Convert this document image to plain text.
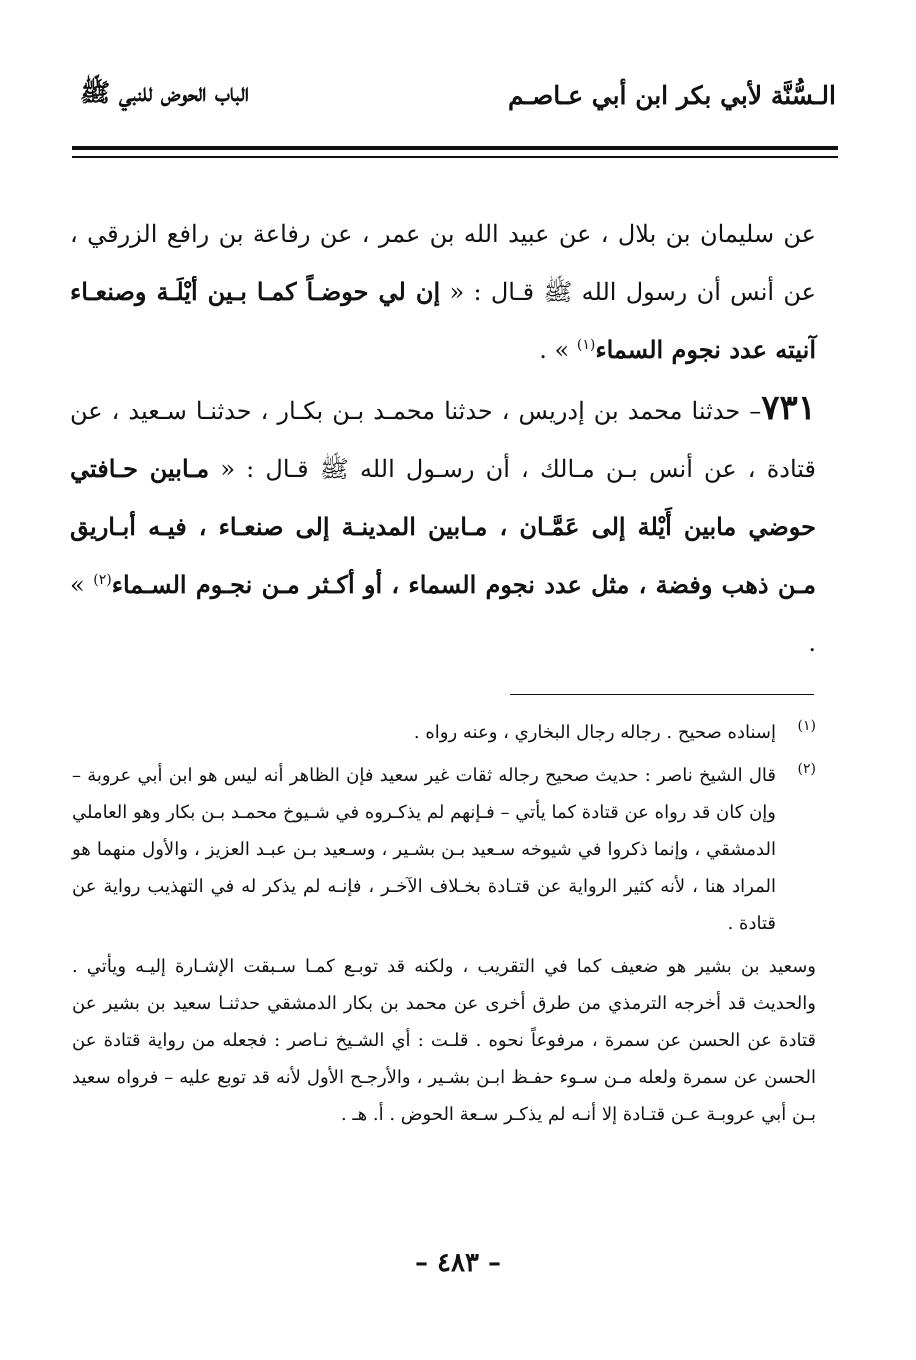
الـسُّنَّة لأبي بكر ابن أبي عـاصـم
الباب الحوض للنبي ﷺ

عن سليمان بن بلال ، عن عبيد الله بن عمر ، عن رفاعة بن رافع الزرقي ، عن أنس أن رسول الله ﷺ قـال : « إن لي حوضـاً كمـا بـين أيْلَـة وصنعـاء آنيته عدد نجوم السماء$^{(١)}$ » .

٧٣١– حدثنا محمد بن إدريس ، حدثنا محمـد بـن بكـار ، حدثنـا سـعيد ، عن قتادة ، عن أنس بـن مـالك ، أن رسـول الله ﷺ قـال : « مـابين حـافتي حوضي مابين أَيْلة إلى عَمَّـان ، مـابين المدينـة إلى صنعـاء ، فيـه أبـاريق مـن ذهب وفضة ، مثل عدد نجوم السماء ، أو أكـثر مـن نجـوم السـماء$^{(٢)}$ » .

(١)
إسناده صحيح . رجاله رجال البخاري ، وعنه رواه .

(٢)
قال الشيخ ناصر : حديث صحيح رجاله ثقات غير سعيد فإن الظاهر أنه ليس هو ابن أبي عروبة – وإن كان قد رواه عن قتادة كما يأتي – فـإنهم لم يذكـروه في شـيوخ محمـد بـن بكار وهو العاملي الدمشقي ، وإنما ذكروا في شيوخه سـعيد بـن بشـير ، وسـعيد بـن عبـد العزيز ، والأول منهما هو المراد هنا ، لأنه كثير الرواية عن قتـادة بخـلاف الآخـر ، فإنـه لم يذكر له في التهذيب رواية عن قتادة .

وسعيد بن بشير هو ضعيف كما في التقريب ، ولكنه قد توبـع كمـا سـبقت الإشـارة إليـه ويأتي . والحديث قد أخرجه الترمذي من طرق أخرى عن محمد بن بكار الدمشقي حدثنـا سعيد بن بشير عن قتادة عن الحسن عن سمرة ، مرفوعاً نحوه . قلـت : أي الشـيخ نـاصر : فجعله من رواية قتادة عن الحسن عن سمرة ولعله مـن سـوء حفـظ ابـن بشـير ، والأرجـح الأول لأنه قد توبع عليه – فرواه سعيد بـن أبي عروبـة عـن قتـادة إلا أنـه لم يذكـر سـعة الحوض . أ. هـ .

– ٤٨٣ –
